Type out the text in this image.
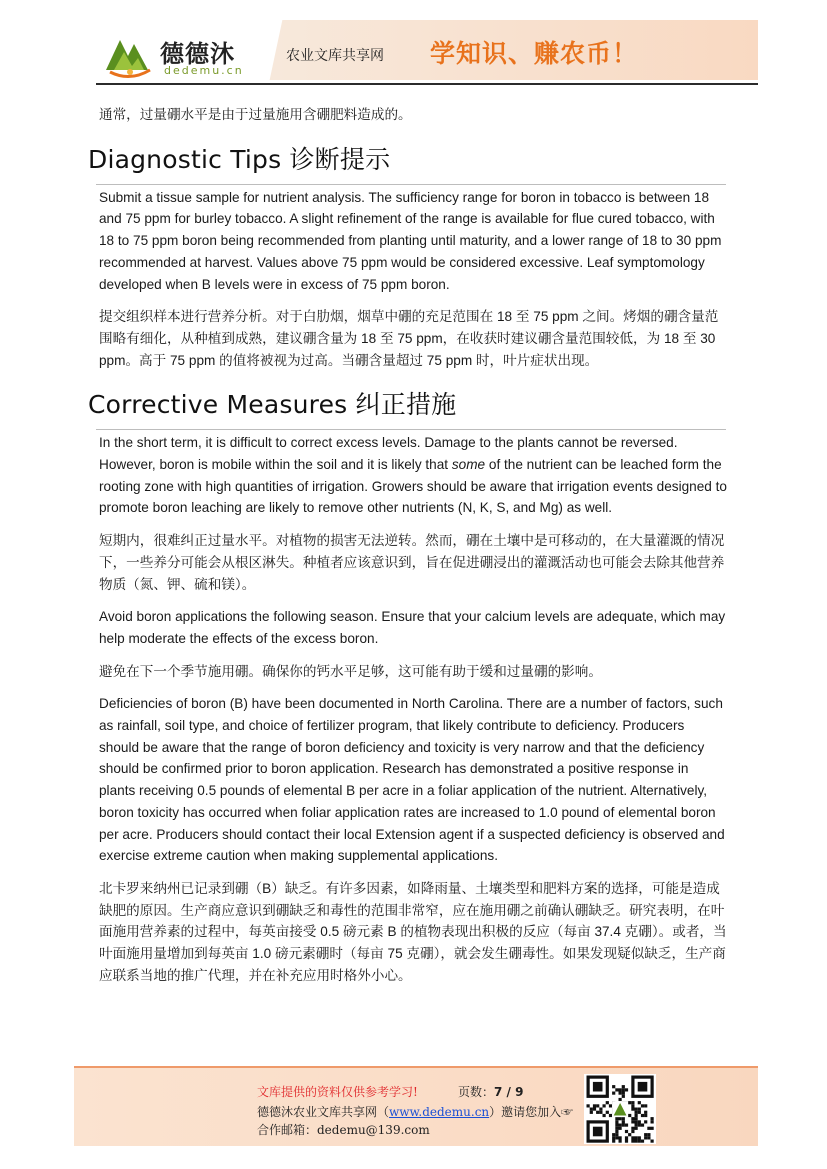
德德沐
dedemu.cn
农业文库共享网 学知识、赚农币！

通常，过量硼水平是由于过量施用含硼肥料造成的。

Diagnostic Tips 诊断提示

Submit a tissue sample for nutrient analysis. The sufficiency range for boron in tobacco is between 18 and 75 ppm for burley tobacco. A slight refinement of the range is available for flue cured tobacco, with 18 to 75 ppm boron being recommended from planting until maturity, and a lower range of 18 to 30 ppm recommended at harvest. Values above 75 ppm would be considered excessive. Leaf symptomology developed when B levels were in excess of 75 ppm boron.

提交组织样本进行营养分析。对于白肋烟，烟草中硼的充足范围在 18 至 75 ppm 之间。烤烟的硼含量范围略有细化，从种植到成熟，建议硼含量为 18 至 75 ppm，在收获时建议硼含量范围较低，为 18 至 30 ppm。高于 75 ppm 的值将被视为过高。当硼含量超过 75 ppm 时，叶片症状出现。

Corrective Measures 纠正措施

In the short term, it is difficult to correct excess levels. Damage to the plants cannot be reversed. However, boron is mobile within the soil and it is likely that some of the nutrient can be leached form the rooting zone with high quantities of irrigation. Growers should be aware that irrigation events designed to promote boron leaching are likely to remove other nutrients (N, K, S, and Mg) as well.

短期内，很难纠正过量水平。对植物的损害无法逆转。然而，硼在土壤中是可移动的，在大量灌溉的情况下，一些养分可能会从根区淋失。种植者应该意识到，旨在促进硼浸出的灌溉活动也可能会去除其他营养物质（氮、钾、硫和镁）。

Avoid boron applications the following season. Ensure that your calcium levels are adequate, which may help moderate the effects of the excess boron.

避免在下一个季节施用硼。确保你的钙水平足够，这可能有助于缓和过量硼的影响。

Deficiencies of boron (B) have been documented in North Carolina. There are a number of factors, such as rainfall, soil type, and choice of fertilizer program, that likely contribute to deficiency. Producers should be aware that the range of boron deficiency and toxicity is very narrow and that the deficiency should be confirmed prior to boron application. Research has demonstrated a positive response in plants receiving 0.5 pounds of elemental B per acre in a foliar application of the nutrient. Alternatively, boron toxicity has occurred when foliar application rates are increased to 1.0 pound of elemental boron per acre. Producers should contact their local Extension agent if a suspected deficiency is observed and exercise extreme caution when making supplemental applications.

北卡罗来纳州已记录到硼（B）缺乏。有许多因素，如降雨量、土壤类型和肥料方案的选择，可能是造成缺肥的原因。生产商应意识到硼缺乏和毒性的范围非常窄，应在施用硼之前确认硼缺乏。研究表明，在叶面施用营养素的过程中，每英亩接受 0.5 磅元素 B 的植物表现出积极的反应（每亩 37.4 克硼）。或者，当叶面施用量增加到每英亩 1.0 磅元素硼时（每亩 75 克硼），就会发生硼毒性。如果发现疑似缺乏，生产商应联系当地的推广代理，并在补充应用时格外小心。

文库提供的资料仅供参考学习!	页数：7 / 9
德德沐农业文库共享网（www.dedemu.cn）邀请您加入☞
合作邮箱：dedemu@139.com
